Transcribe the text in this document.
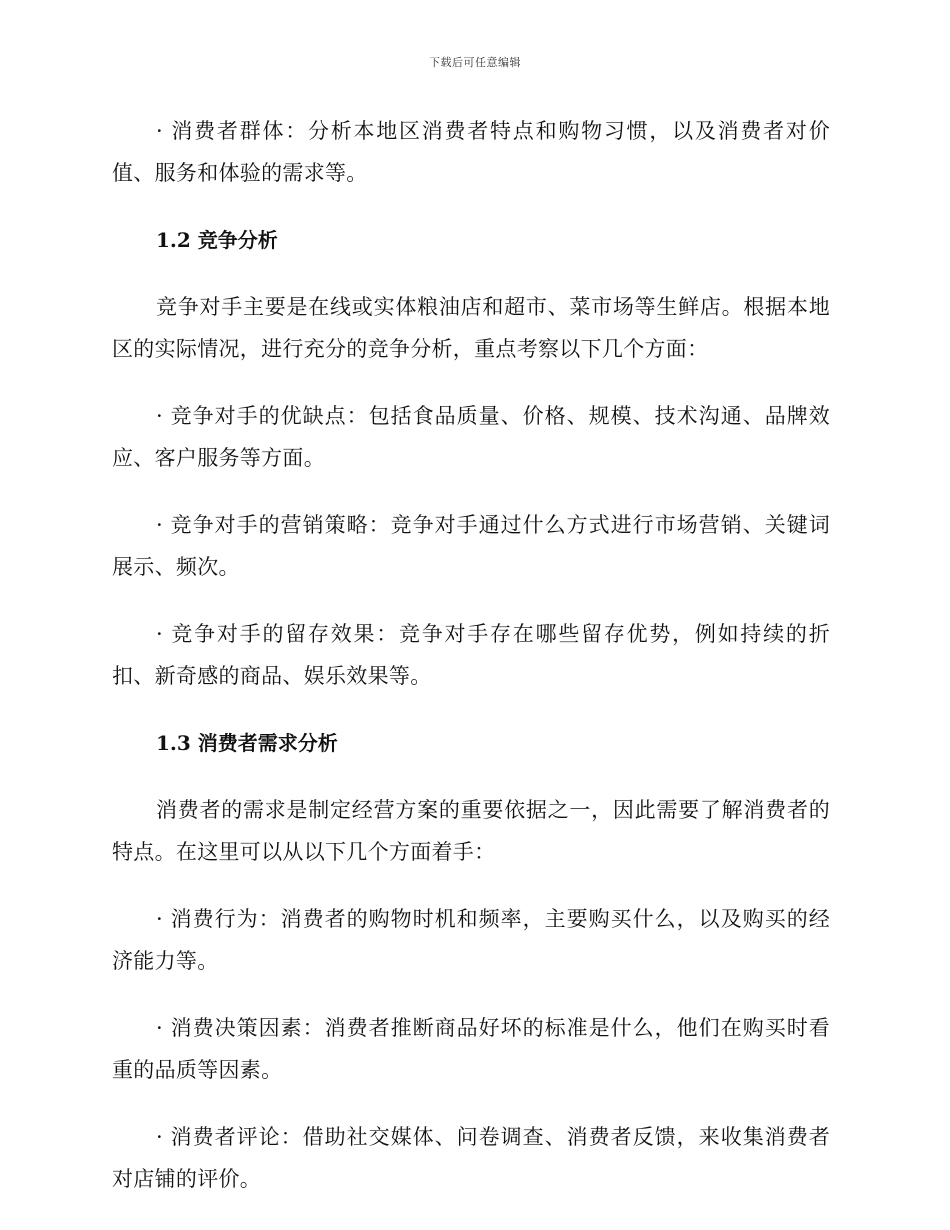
下载后可任意编辑

· 消费者群体：分析本地区消费者特点和购物习惯，以及消费者对价值、服务和体验的需求等。

1.2 竞争分析

竞争对手主要是在线或实体粮油店和超市、菜市场等生鲜店。根据本地区的实际情况，进行充分的竞争分析，重点考察以下几个方面：

· 竞争对手的优缺点：包括食品质量、价格、规模、技术沟通、品牌效应、客户服务等方面。

· 竞争对手的营销策略：竞争对手通过什么方式进行市场营销、关键词展示、频次。

· 竞争对手的留存效果：竞争对手存在哪些留存优势，例如持续的折扣、新奇感的商品、娱乐效果等。

1.3 消费者需求分析

消费者的需求是制定经营方案的重要依据之一，因此需要了解消费者的特点。在这里可以从以下几个方面着手：

· 消费行为：消费者的购物时机和频率，主要购买什么，以及购买的经济能力等。

· 消费决策因素：消费者推断商品好坏的标准是什么，他们在购买时看重的品质等因素。

· 消费者评论：借助社交媒体、问卷调查、消费者反馈，来收集消费者对店铺的评价。
